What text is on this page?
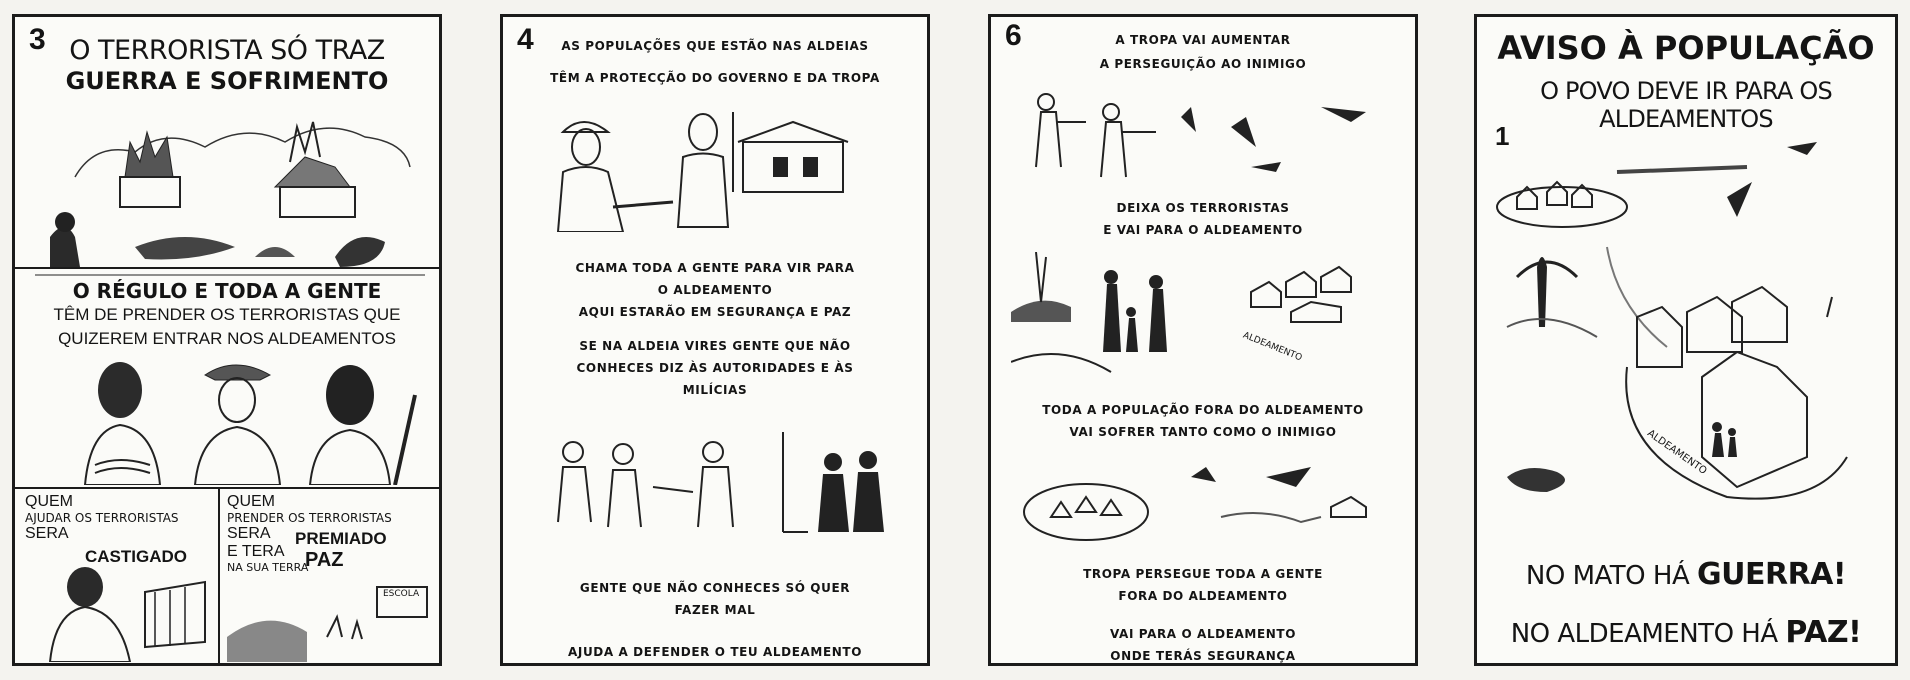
3 O TERRORISTA SÓ TRAZ
GUERRA E SOFRIMENTO
O RÉGULO E TODA A GENTE
TÊM DE PRENDER OS TERRORISTAS QUE
QUIZEREM ENTRAR NOS ALDEAMENTOS
QUEM
AJUDAR OS TERRORISTAS
SERA
CASTIGADO
QUEM
PRENDER OS TERRORISTAS
SERA	PREMIADO
E TERA	PAZ
NA SUA TERRA
ESCOLA
4	AS POPULAÇÕES QUE ESTÃO NAS ALDEIAS
TÊM A PROTECÇÃO DO GOVERNO E DA TROPA
CHAMA TODA A GENTE PARA VIR PARA
O ALDEAMENTO
AQUI ESTARÃO EM SEGURANÇA E PAZ
SE NA ALDEIA VIRES GENTE QUE NÃO
CONHECES DIZ ÀS AUTORIDADES E ÀS
MILÍCIAS
GENTE QUE NÃO CONHECES SÓ QUER
FAZER MAL
AJUDA A DEFENDER O TEU ALDEAMENTO
6	A TROPA VAI AUMENTAR
A PERSEGUIÇÃO AO INIMIGO
DEIXA OS TERRORISTAS
E VAI PARA O ALDEAMENTO
ALDEAMENTO
TODA A POPULAÇÃO FORA DO ALDEAMENTO
VAI SOFRER TANTO COMO O INIMIGO
TROPA PERSEGUE TODA A GENTE
FORA DO ALDEAMENTO
VAI PARA O ALDEAMENTO
ONDE TERÁS SEGURANÇA
AVISO À POPULAÇÃO
O POVO DEVE IR PARA OS ALDEAMENTOS
1
ALDEAMENTO
NO MATO HÁ GUERRA!
NO ALDEAMENTO HÁ PAZ!
